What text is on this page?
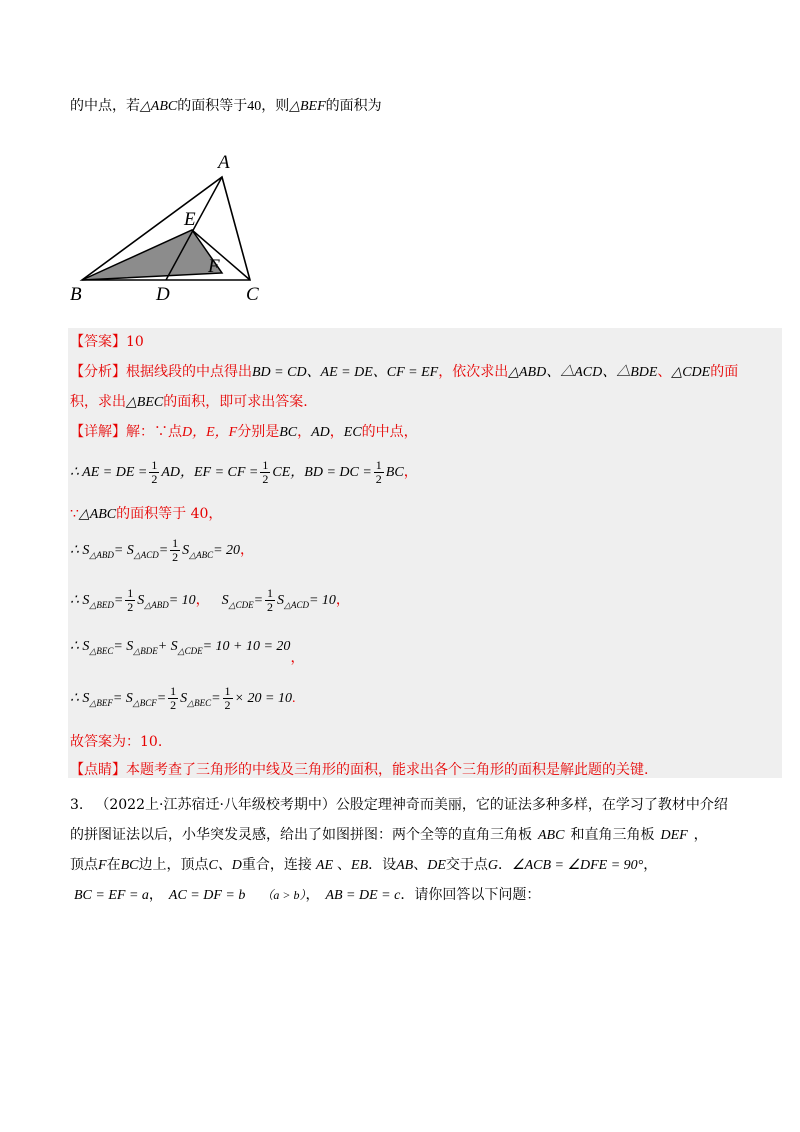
的中点，若△ABC的面积等于40，则△BEF的面积为
A
B	C
D
E
F
【答案】10
【分析】根据线段的中点得出BD = CD、AE = DE、CF = EF，依次求出△ABD、△ACD、△BDE、△CDE的面
积，求出△BEC的面积，即可求出答案.
【详解】解：∵点D，E，F分别是BC，AD，EC的中点，
∴ AE = DE = $\frac{1}{2}$ AD，EF = CF = $\frac{1}{2}$ CE，BD = DC = $\frac{1}{2}$ BC，
∵△ABC的面积等于 40，
∴ $S_{\triangle ABD}= S_{\triangle ACD}= \frac{1}{2} S_{\triangle ABC}= 20$，
∴ $S_{\triangle BED}= \frac{1}{2} S_{\triangle ABD}= 10$， $S_{\triangle CDE}= \frac{1}{2} S_{\triangle ACD}= 10$，
∴ $S_{\triangle BEC}= S_{\triangle BDE}+ S_{\triangle CDE}= 10 + 10 = 20$，
∴ $S_{\triangle BEF}= S_{\triangle BCF}= \frac{1}{2} S_{\triangle BEC}= \frac{1}{2} \times 20 = 10$.
故答案为：10.
【点睛】本题考查了三角形的中线及三角形的面积，能求出各个三角形的面积是解此题的关键.
3. （2022上·江苏宿迁·八年级校考期中）公股定理神奇而美丽，它的证法多种多样，在学习了教材中介绍
的拼图证法以后，小华突发灵感，给出了如图拼图：两个全等的直角三角板 ABC 和直角三角板 DEF ，
顶点F在BC边上，顶点C、D重合，连接 AE 、EB．设AB、DE交于点G．∠ACB = ∠DFE = 90°，
BC = EF = a， AC = DF = b （a > b）， AB = DE = c．请你回答以下问题：
